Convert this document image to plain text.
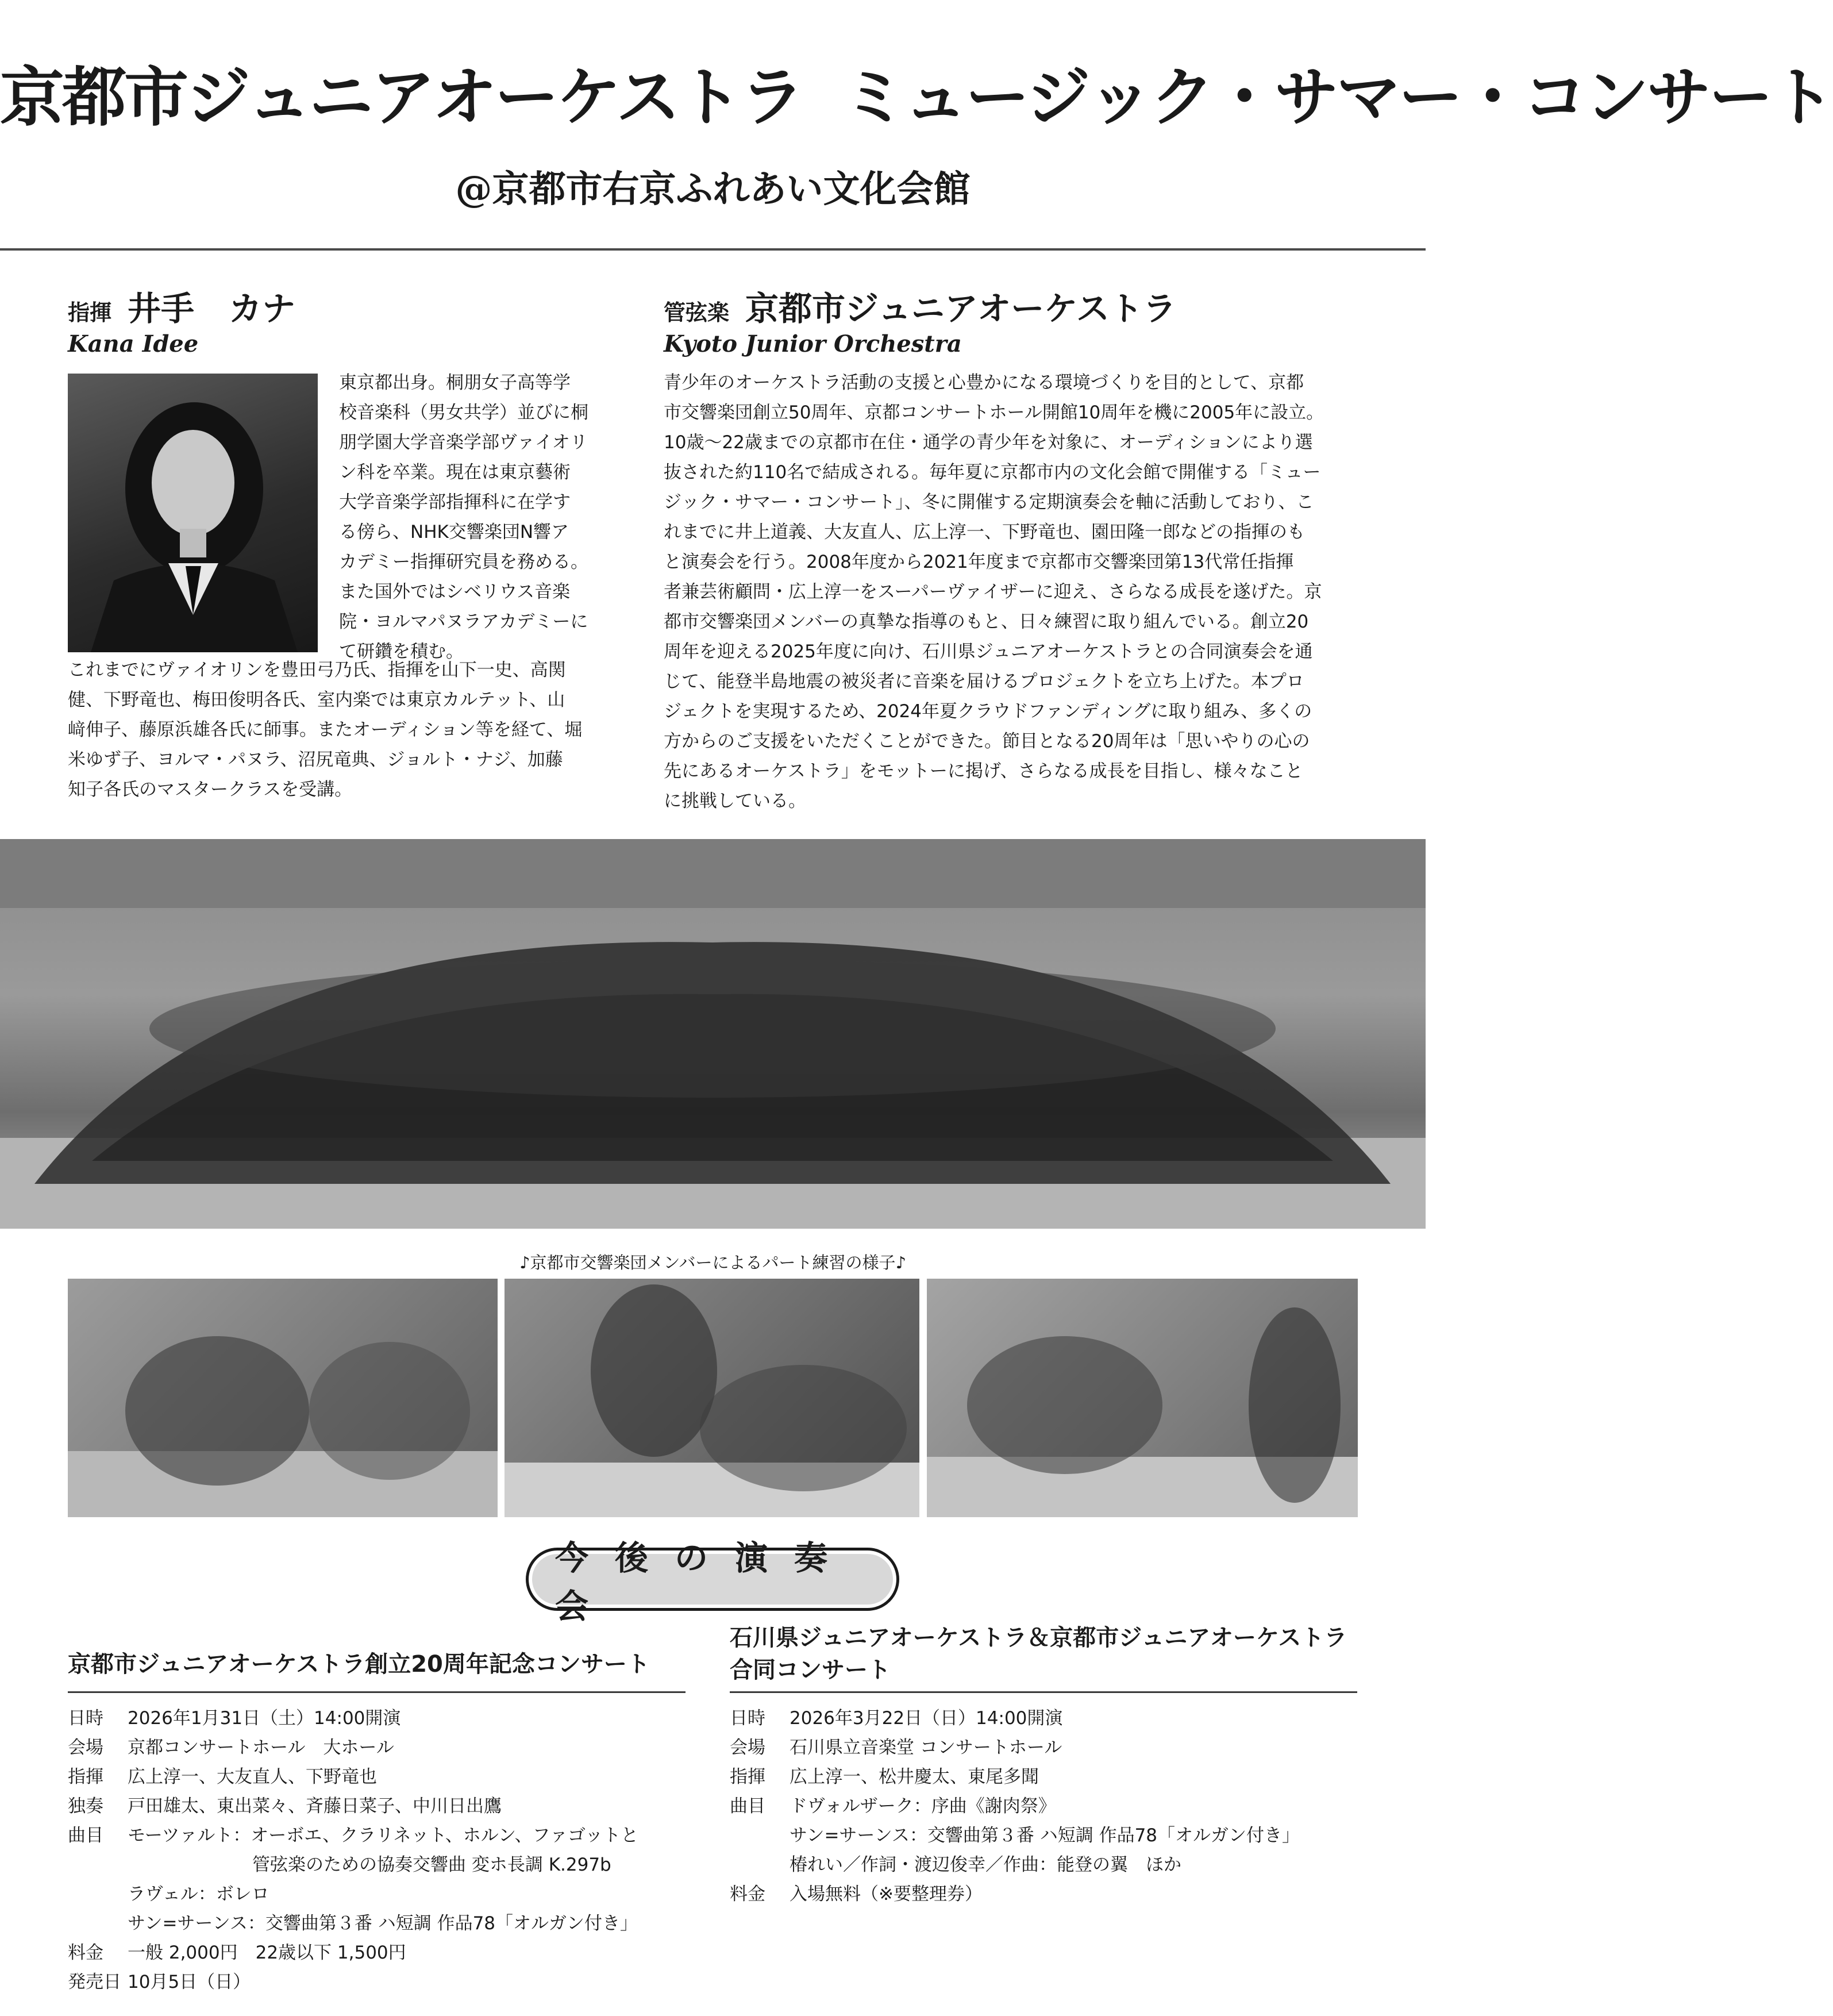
京都市ジュニアオーケストラ ミュージック・サマー・コンサート
@京都市右京ふれあい文化会館
指揮 井手 カナ
Kana Idee

東京都出身。桐朋女子高等学

校音楽科（男女共学）並びに桐

朋学園大学音楽学部ヴァイオリ

ン科を卒業。現在は東京藝術

大学音楽学部指揮科に在学す

る傍ら、NHK交響楽団N響ア

カデミー指揮研究員を務める。

また国外ではシベリウス音楽

院・ヨルマパヌラアカデミーに

て研鑽を積む。

これまでにヴァイオリンを豊田弓乃氏、指揮を山下一史、高関

健、下野竜也、梅田俊明各氏、室内楽では東京カルテット、山

﨑伸子、藤原浜雄各氏に師事。またオーディション等を経て、堀

米ゆず子、ヨルマ・パヌラ、沼尻竜典、ジョルト・ナジ、加藤

知子各氏のマスタークラスを受講。

管弦楽 京都市ジュニアオーケストラ
Kyoto Junior Orchestra

青少年のオーケストラ活動の支援と心豊かになる環境づくりを目的として、京都

市交響楽団創立50周年、京都コンサートホール開館10周年を機に2005年に設立。

10歳～22歳までの京都市在住・通学の青少年を対象に、オーディションにより選

抜された約110名で結成される。毎年夏に京都市内の文化会館で開催する「ミュー

ジック・サマー・コンサート」、冬に開催する定期演奏会を軸に活動しており、こ

れまでに井上道義、大友直人、広上淳一、下野竜也、園田隆一郎などの指揮のも

と演奏会を行う。2008年度から2021年度まで京都市交響楽団第13代常任指揮

者兼芸術顧問・広上淳一をスーパーヴァイザーに迎え、さらなる成長を遂げた。京

都市交響楽団メンバーの真摯な指導のもと、日々練習に取り組んでいる。創立20

周年を迎える2025年度に向け、石川県ジュニアオーケストラとの合同演奏会を通

じて、能登半島地震の被災者に音楽を届けるプロジェクトを立ち上げた。本プロ

ジェクトを実現するため、2024年夏クラウドファンディングに取り組み、多くの

方からのご支援をいただくことができた。節目となる20周年は「思いやりの心の

先にあるオーケストラ」をモットーに掲げ、さらなる成長を目指し、様々なこと

に挑戦している。

♪京都市交響楽団メンバーによるパート練習の様子♪
今後の演奏会
京都市ジュニアオーケストラ創立20周年記念コンサート
日時	2026年1月31日（土）14:00開演
会場	京都コンサートホール　大ホール
指揮	広上淳一、大友直人、下野竜也
独奏	戸田雄太、東出菜々、斉藤日菜子、中川日出鷹
曲目	モーツァルト：オーボエ、クラリネット、ホルン、ファゴットと
　　　　　　　管弦楽のための協奏交響曲 変ホ長調 K.297b
ラヴェル：ボレロ
サン=サーンス：交響曲第３番 ハ短調 作品78「オルガン付き」
料金	一般 2,000円　22歳以下 1,500円
発売日 10月5日（日）
石川県ジュニアオーケストラ＆京都市ジュニアオーケストラ
合同コンサート
日時	2026年3月22日（日）14:00開演
会場	石川県立音楽堂 コンサートホール
指揮	広上淳一、松井慶太、東尾多聞
曲目	ドヴォルザーク：序曲《謝肉祭》
サン=サーンス：交響曲第３番 ハ短調 作品78「オルガン付き」
椿れい／作詞・渡辺俊幸／作曲：能登の翼　ほか
料金	入場無料（※要整理券）
